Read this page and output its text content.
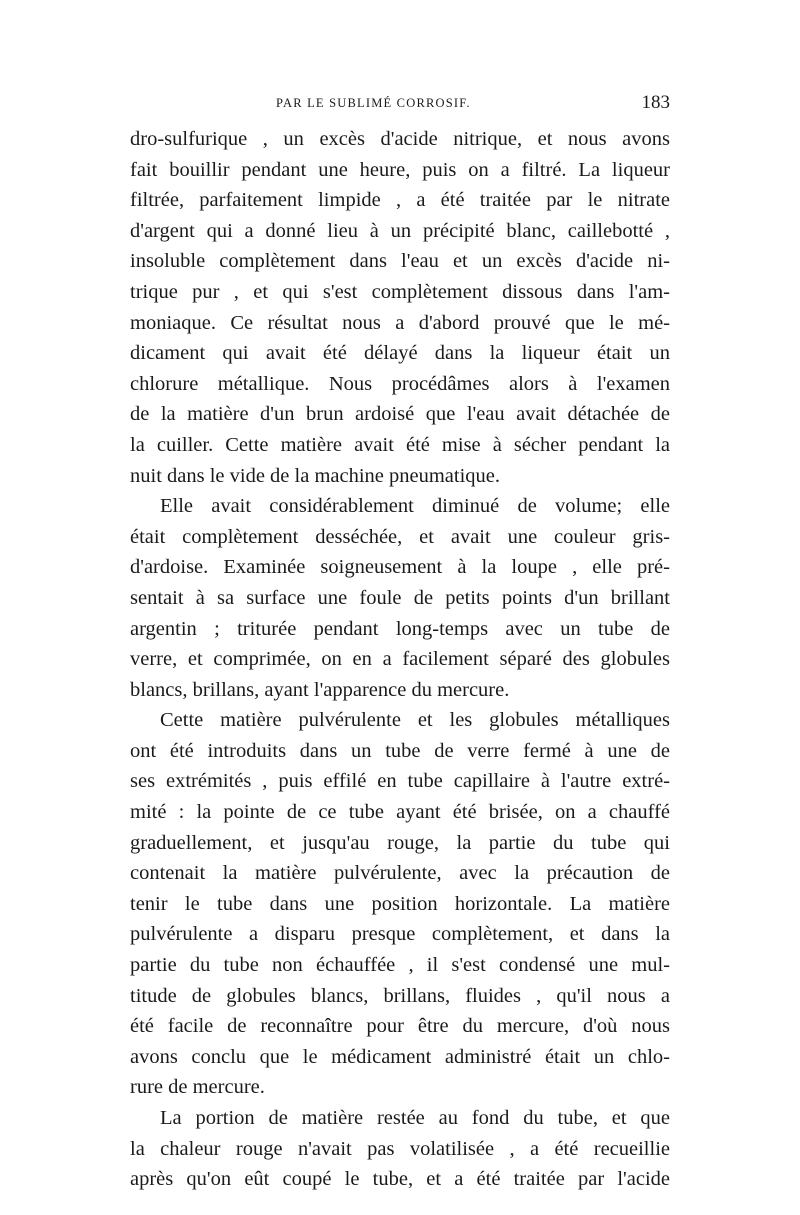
PAR LE SUBLIMÉ CORROSIF.	183
dro-sulfurique , un excès d'acide nitrique, et nous avons
fait bouillir pendant une heure, puis on a filtré. La liqueur
filtrée, parfaitement limpide , a été traitée par le nitrate
d'argent qui a donné lieu à un précipité blanc, caillebotté ,
insoluble complètement dans l'eau et un excès d'acide ni-
trique pur , et qui s'est complètement dissous dans l'am-
moniaque. Ce résultat nous a d'abord prouvé que le mé-
dicament qui avait été délayé dans la liqueur était un
chlorure métallique. Nous procédâmes alors à l'examen
de la matière d'un brun ardoisé que l'eau avait détachée de
la cuiller. Cette matière avait été mise à sécher pendant la
nuit dans le vide de la machine pneumatique.
Elle avait considérablement diminué de volume; elle
était complètement desséchée, et avait une couleur gris-
d'ardoise. Examinée soigneusement à la loupe , elle pré-
sentait à sa surface une foule de petits points d'un brillant
argentin ; triturée pendant long-temps avec un tube de
verre, et comprimée, on en a facilement séparé des globules
blancs, brillans, ayant l'apparence du mercure.
Cette matière pulvérulente et les globules métalliques
ont été introduits dans un tube de verre fermé à une de
ses extrémités , puis effilé en tube capillaire à l'autre extré-
mité : la pointe de ce tube ayant été brisée, on a chauffé
graduellement, et jusqu'au rouge, la partie du tube qui
contenait la matière pulvérulente, avec la précaution de
tenir le tube dans une position horizontale. La matière
pulvérulente a disparu presque complètement, et dans la
partie du tube non échauffée , il s'est condensé une mul-
titude de globules blancs, brillans, fluides , qu'il nous a
été facile de reconnaître pour être du mercure, d'où nous
avons conclu que le médicament administré était un chlo-
rure de mercure.
La portion de matière restée au fond du tube, et que
la chaleur rouge n'avait pas volatilisée , a été recueillie
après qu'on eût coupé le tube, et a été traitée par l'acide
